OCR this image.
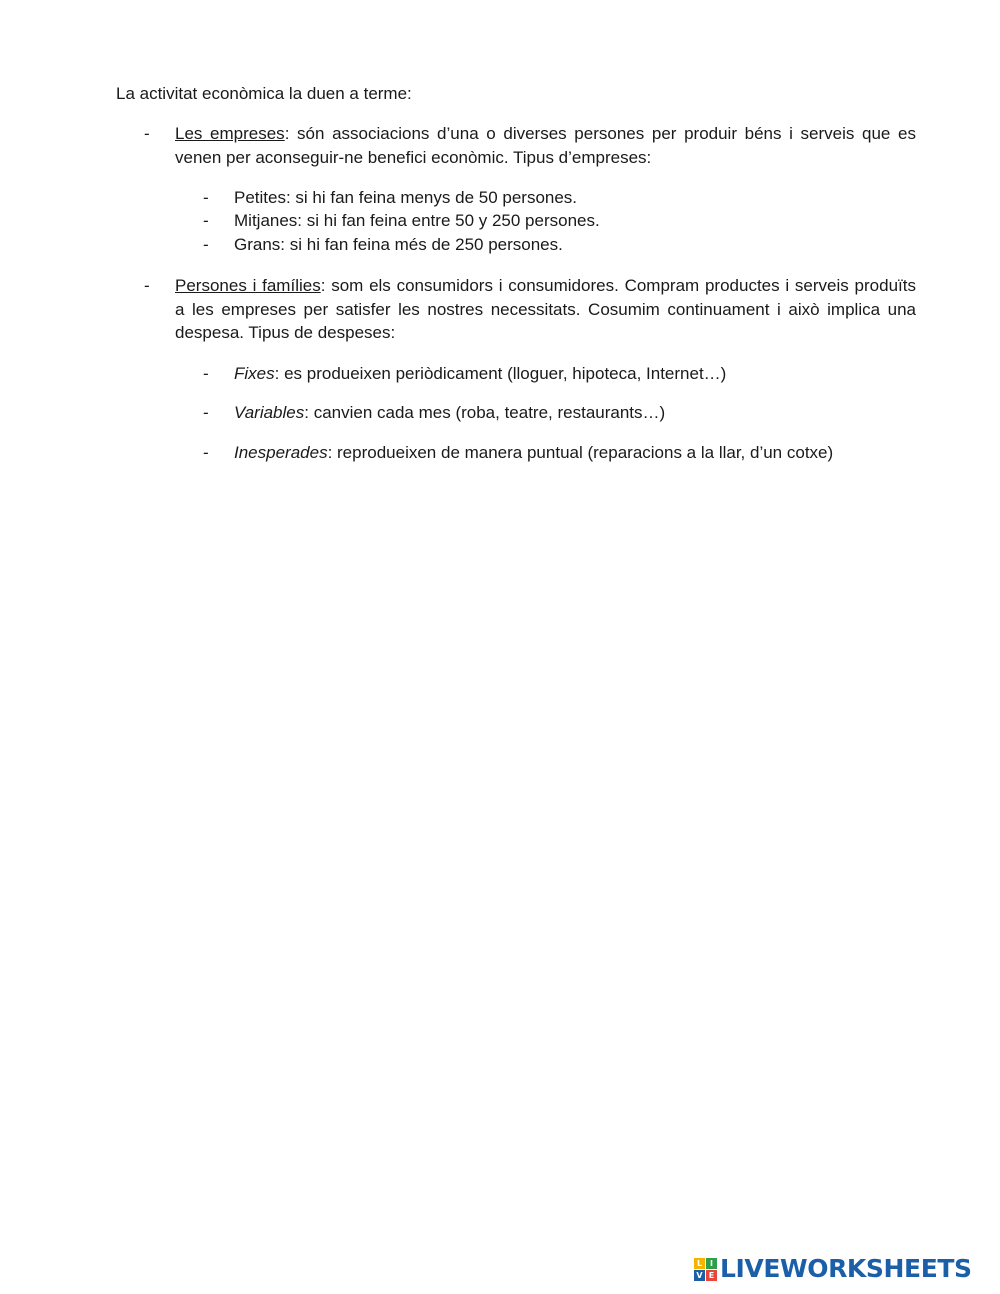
La activitat econòmica la duen a terme:

- Les empreses: són associacions d’una o diverses persones per produir béns i serveis que es venen per aconseguir-ne benefici econòmic. Tipus d’empreses:

- Petites: si hi fan feina menys de 50 persones.

- Mitjanes: si hi fan feina entre 50 y 250 persones.

- Grans: si hi fan feina més de 250 persones.

- Persones i famílies: som els consumidors i consumidores. Compram productes i serveis produïts a les empreses per satisfer les nostres necessitats. Cosumim continuament i això implica una despesa. Tipus de despeses:

- Fixes: es produeixen periòdicament (lloguer, hipoteca, Internet…)

- Variables: canvien cada mes (roba, teatre, restaurants…)

- Inesperades: reprodueixen de manera puntual (reparacions a la llar, d’un cotxe)

L I
V E LIVEWORKSHEETS
